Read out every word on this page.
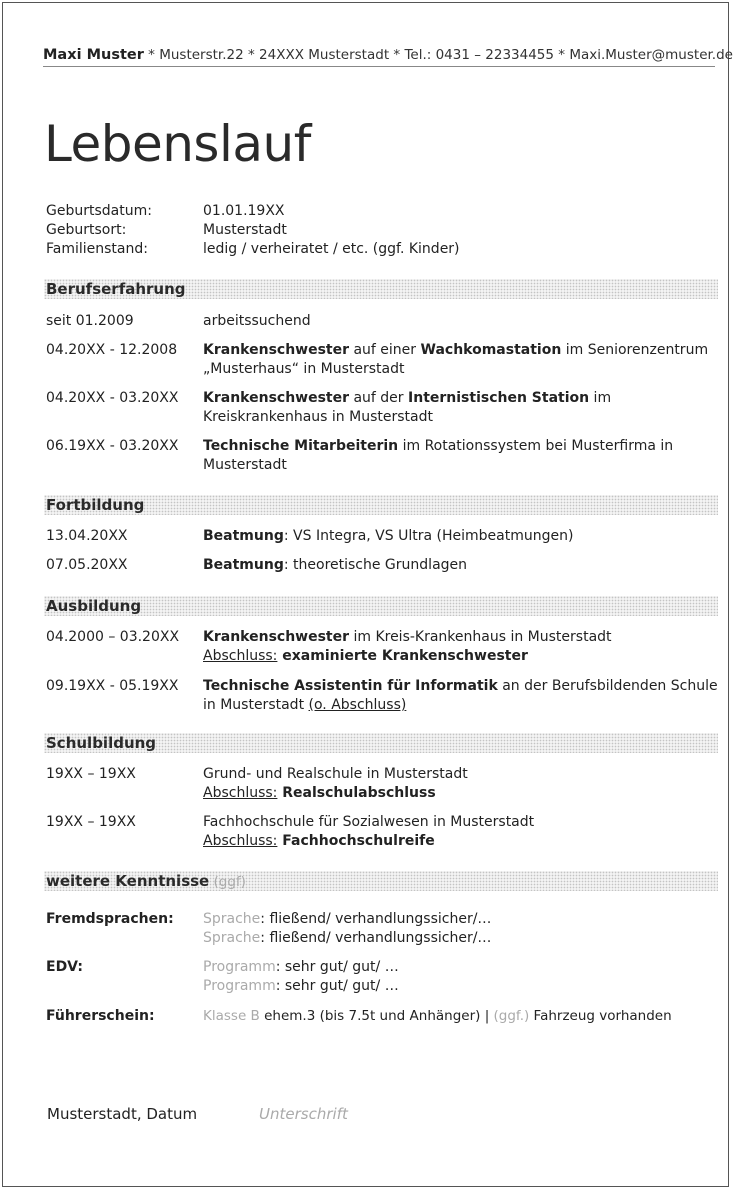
Maxi Muster * Musterstr.22 * 24XXX Musterstadt * Tel.: 0431 – 22334455 * Maxi.Muster@muster.de
Lebenslauf
Geburtsdatum:	01.01.19XX
Geburtsort:	Musterstadt
Familienstand:	ledig / verheiratet / etc. (ggf. Kinder)
Berufserfahrung
seit 01.2009	arbeitssuchend
04.20XX - 12.2008	Krankenschwester auf einer Wachkomastation im Seniorenzentrum „Musterhaus“ in Musterstadt
04.20XX - 03.20XX	Krankenschwester auf der Internistischen Station im Kreiskrankenhaus in Musterstadt
06.19XX - 03.20XX	Technische Mitarbeiterin im Rotationssystem bei Musterfirma in Musterstadt
Fortbildung
13.04.20XX	Beatmung: VS Integra, VS Ultra (Heimbeatmungen)
07.05.20XX	Beatmung: theoretische Grundlagen
Ausbildung
04.2000 – 03.20XX	Krankenschwester im Kreis-Krankenhaus in Musterstadt
Abschluss: examinierte Krankenschwester
09.19XX - 05.19XX	Technische Assistentin für Informatik an der Berufsbildenden Schule in Musterstadt (o. Abschluss)
Schulbildung
19XX – 19XX	Grund- und Realschule in Musterstadt
Abschluss: Realschulabschluss
19XX – 19XX	Fachhochschule für Sozialwesen in Musterstadt
Abschluss: Fachhochschulreife
weitere Kenntnisse (ggf)
Fremdsprachen:	Sprache: fließend/ verhandlungssicher/…
Sprache: fließend/ verhandlungssicher/…
EDV:	Programm: sehr gut/ gut/ …
Programm: sehr gut/ gut/ …
Führerschein:	Klasse B ehem.3 (bis 7.5t und Anhänger) | (ggf.) Fahrzeug vorhanden
Musterstadt, Datum	Unterschrift
